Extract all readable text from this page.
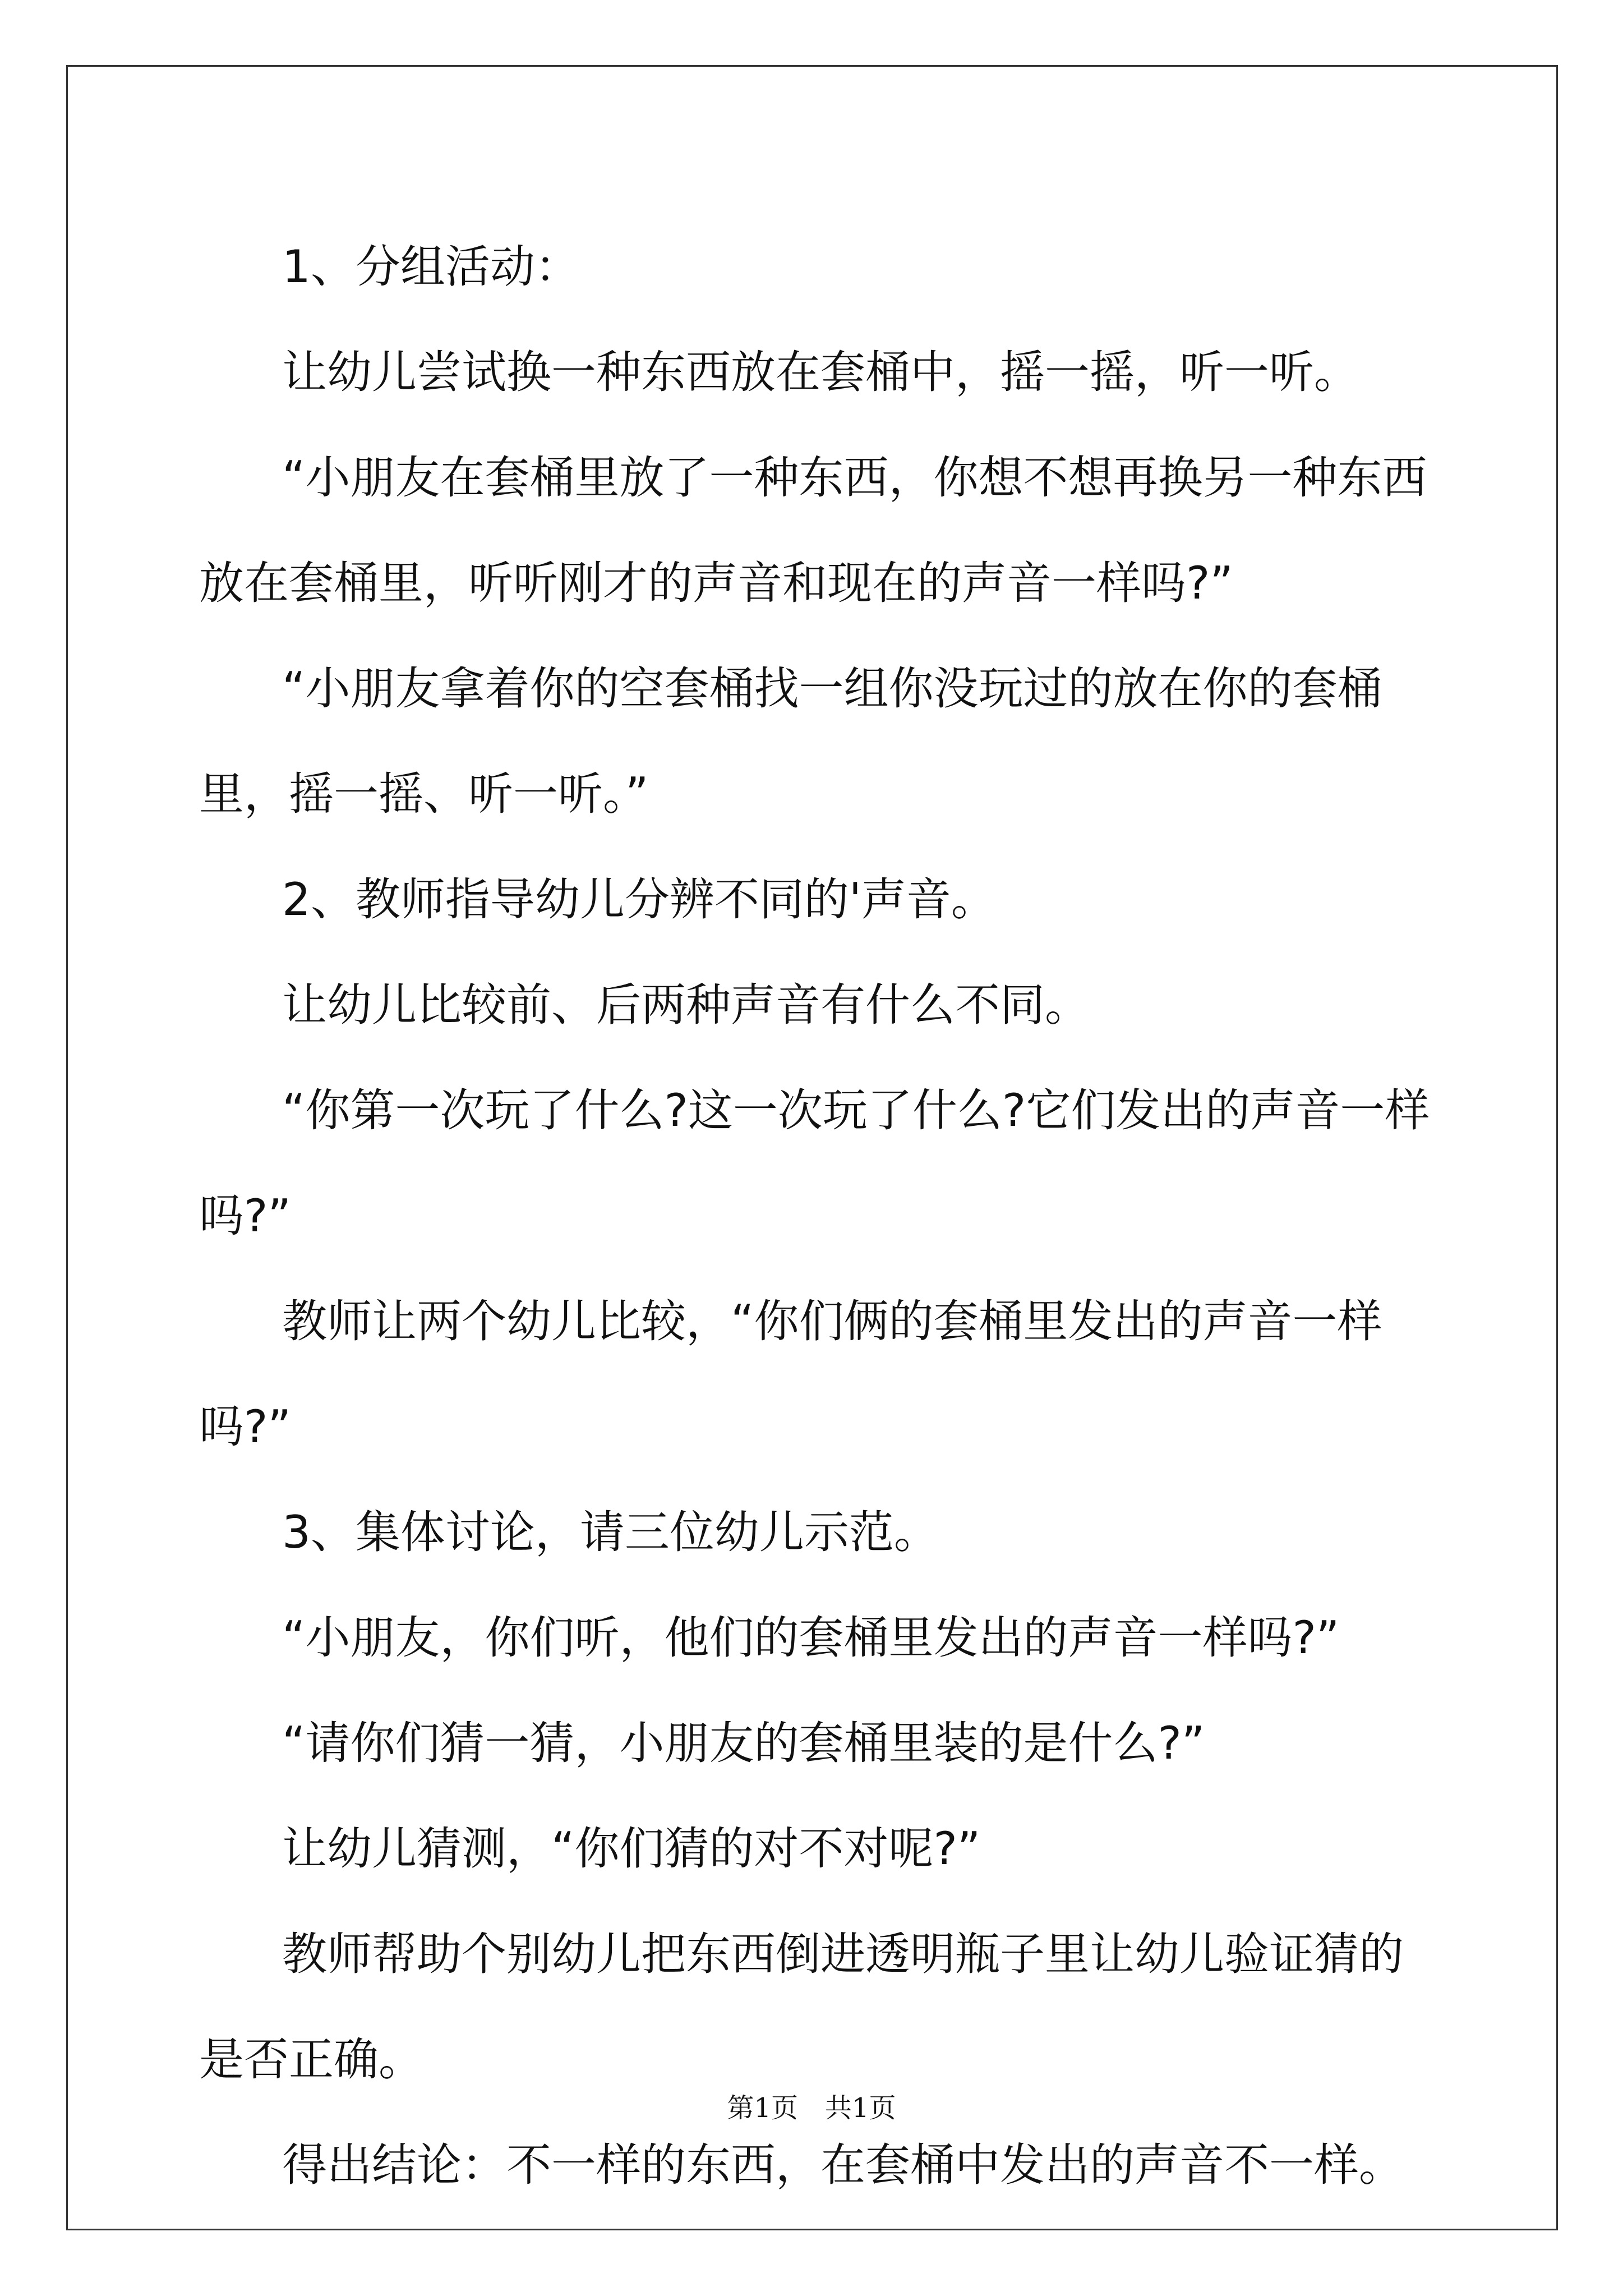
1、分组活动：

让幼儿尝试换一种东西放在套桶中，摇一摇，听一听。

“小朋友在套桶里放了一种东西，你想不想再换另一种东西放在套桶里，听听刚才的声音和现在的声音一样吗?”

“小朋友拿着你的空套桶找一组你没玩过的放在你的套桶里，摇一摇、听一听。”

2、教师指导幼儿分辨不同的'声音。

让幼儿比较前、后两种声音有什么不同。

“你第一次玩了什么?这一次玩了什么?它们发出的声音一样吗?”

教师让两个幼儿比较，“你们俩的套桶里发出的声音一样吗?”

3、集体讨论，请三位幼儿示范。

“小朋友，你们听，他们的套桶里发出的声音一样吗?”

“请你们猜一猜，小朋友的套桶里装的是什么?”

让幼儿猜测，“你们猜的对不对呢?”

教师帮助个别幼儿把东西倒进透明瓶子里让幼儿验证猜的是否正确。

得出结论：不一样的东西，在套桶中发出的声音不一样。

第1页 共1页
